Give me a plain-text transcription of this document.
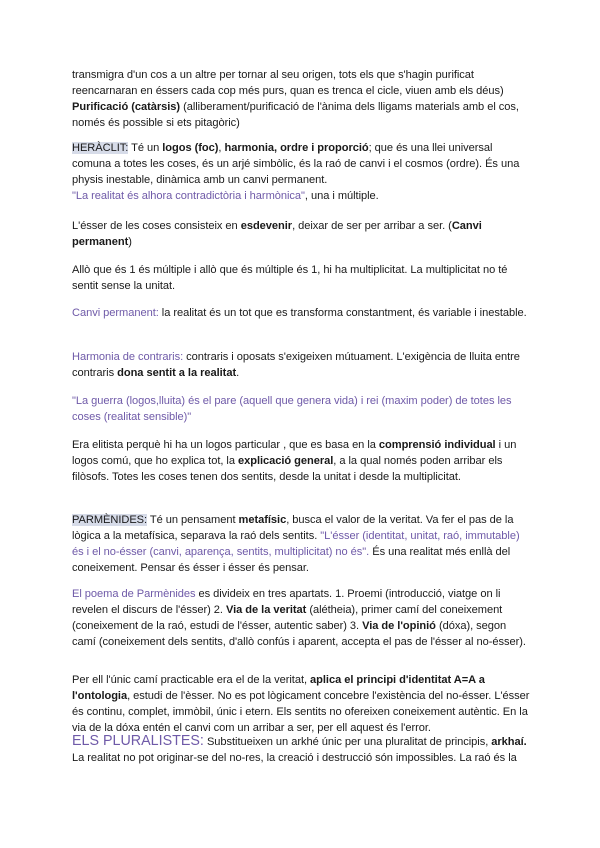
transmigra d'un cos a un altre per tornar al seu origen, tots els que s'hagin purificat reencarnaran en éssers cada cop més purs, quan es trenca el cicle, viuen amb els déus)

Purificació (catàrsis) (alliberament/purificació de l'ànima dels lligams materials amb el cos, només és possible si ets pitagòric)

HERÀCLIT: Té un logos (foc), harmonia, ordre i proporció; que és una llei universal comuna a totes les coses, és un arjé simbòlic, és la raó de canvi i el cosmos (ordre). És una physis inestable, dinàmica amb un canvi permanent.

"La realitat és alhora contradictòria i harmònica", una i múltiple.

L'ésser de les coses consisteix en esdevenir, deixar de ser per arribar a ser. (Canvi permanent)

Allò que és 1 és múltiple i allò que és múltiple és 1, hi ha multiplicitat. La multiplicitat no té sentit sense la unitat.

Canvi permanent: la realitat és un tot que es transforma constantment, és variable i inestable.

Harmonia de contraris: contraris i oposats s'exigeixen mútuament. L'exigència de lluita entre contraris dona sentit a la realitat.

"La guerra (logos,lluita) és el pare (aquell que genera vida) i rei (maxim poder) de totes les coses (realitat sensible)"

Era elitista perquè hi ha un logos particular , que es basa en la comprensió individual i un logos comú, que ho explica tot, la explicació general, a la qual només poden arribar els filòsofs. Totes les coses tenen dos sentits, desde la unitat i desde la multiplicitat.

PARMÈNIDES: Té un pensament metafísic, busca el valor de la veritat. Va fer el pas de la lògica a la metafísica, separava la raó dels sentits. "L'ésser (identitat, unitat, raó, immutable) és i el no-ésser (canvi, aparença, sentits, multiplicitat) no és". És una realitat més enllà del coneixement. Pensar és ésser i ésser és pensar.

El poema de Parmènides es divideix en tres apartats. 1. Proemi (introducció, viatge on li revelen el discurs de l'ésser) 2. Via de la veritat (alétheia), primer camí del coneixement (coneixement de la raó, estudi de l'ésser, autentic saber) 3. Via de l'opinió (dóxa), segon camí (coneixement dels sentits, d'allò confús i aparent, accepta el pas de l'ésser al no-ésser).

Per ell l'únic camí practicable era el de la veritat, aplica el principi d'identitat A=A a l'ontologia, estudi de l'èsser. No es pot lògicament concebre l'existència del no-ésser. L'ésser és continu, complet, immòbil, únic i etern. Els sentits no ofereixen coneixement autèntic. En la via de la dóxa entén el canvi com un arribar a ser, per ell aquest és l'error.

ELS PLURALISTES: Substitueixen un arkhé únic per una pluralitat de principis, arkhaí. La realitat no pot originar-se del no-res, la creació i destrucció són impossibles. La raó és la
